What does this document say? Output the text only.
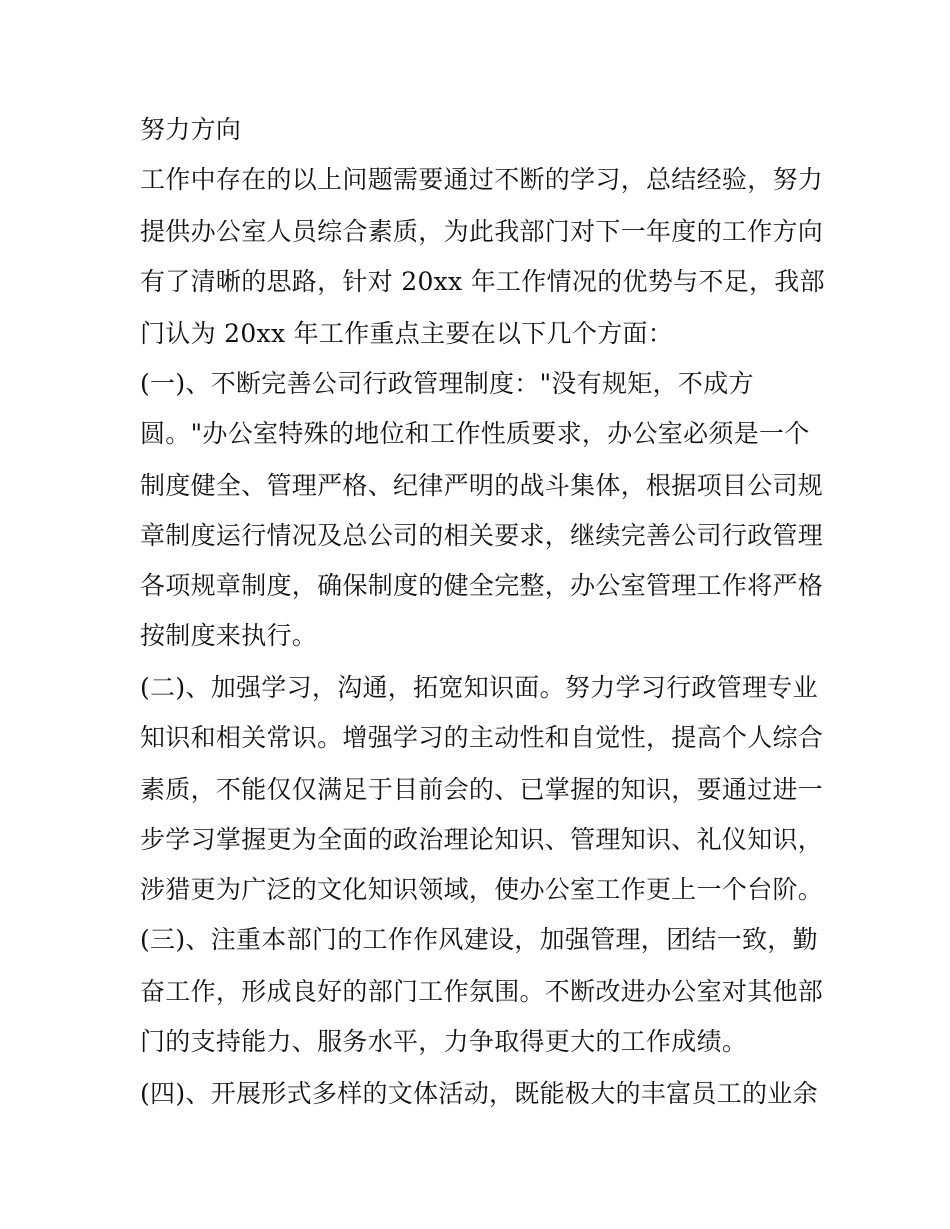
努力方向
工作中存在的以上问题需要通过不断的学习，总结经验，努力
提供办公室人员综合素质，为此我部门对下一年度的工作方向
有了清晰的思路，针对 20xx 年工作情况的优势与不足，我部
门认为 20xx 年工作重点主要在以下几个方面：
(一)、不断完善公司行政管理制度："没有规矩，不成方
圆。"办公室特殊的地位和工作性质要求，办公室必须是一个
制度健全、管理严格、纪律严明的战斗集体，根据项目公司规
章制度运行情况及总公司的相关要求，继续完善公司行政管理
各项规章制度，确保制度的健全完整，办公室管理工作将严格
按制度来执行。
(二)、加强学习，沟通，拓宽知识面。努力学习行政管理专业
知识和相关常识。增强学习的主动性和自觉性，提高个人综合
素质，不能仅仅满足于目前会的、已掌握的知识，要通过进一
步学习掌握更为全面的政治理论知识、管理知识、礼仪知识，
涉猎更为广泛的文化知识领域，使办公室工作更上一个台阶。
(三)、注重本部门的工作作风建设，加强管理，团结一致，勤
奋工作，形成良好的部门工作氛围。不断改进办公室对其他部
门的支持能力、服务水平，力争取得更大的工作成绩。
(四)、开展形式多样的文体活动，既能极大的丰富员工的业余
